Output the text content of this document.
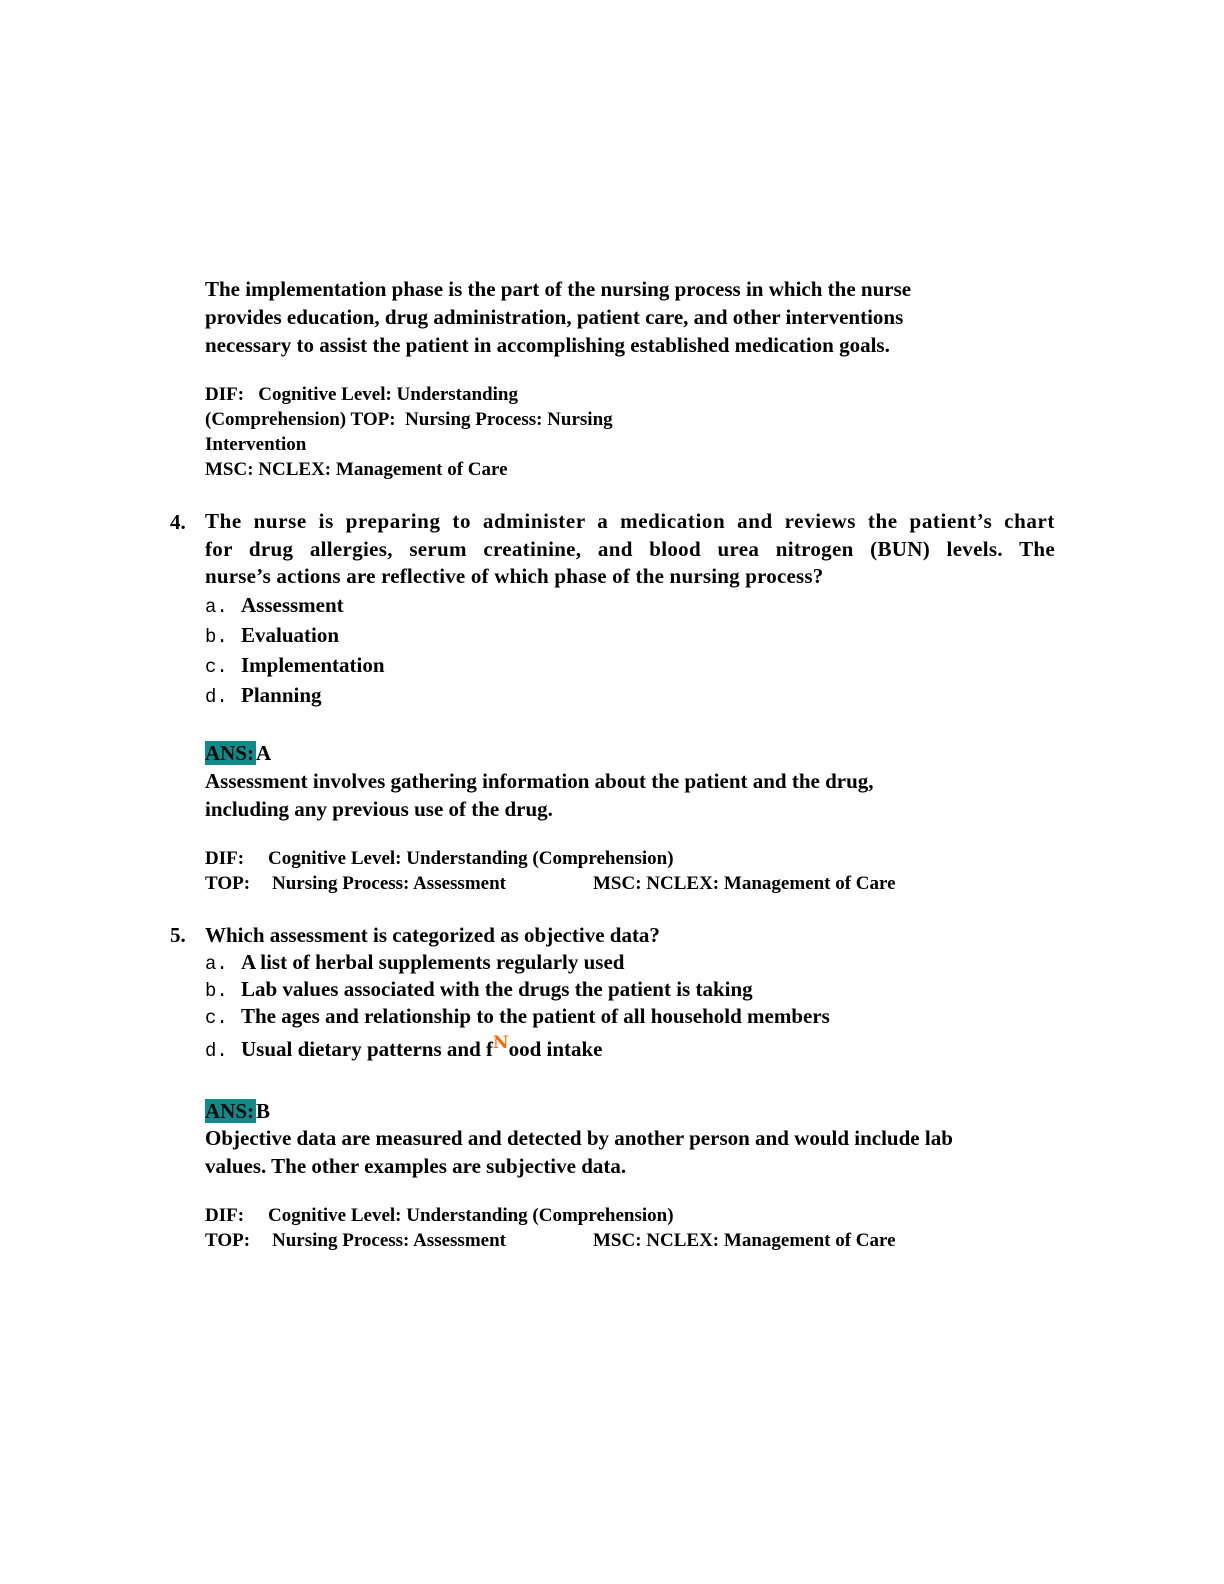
The implementation phase is the part of the nursing process in which the nurse
provides education, drug administration, patient care, and other interventions
necessary to assist the patient in accomplishing established medication goals.
DIF:   Cognitive Level: Understanding
(Comprehension) TOP:  Nursing Process: Nursing
Intervention
MSC: NCLEX: Management of Care
4. The nurse is preparing to administer a medication and reviews the patient’s chart
for drug allergies, serum creatinine, and blood urea nitrogen (BUN) levels. The
nurse’s actions are reflective of which phase of the nursing process?
a. Assessment
b. Evaluation
c. Implementation
d. Planning
ANS:A
Assessment involves gathering information about the patient and the drug,
including any previous use of the drug.
DIF: Cognitive Level: Understanding (Comprehension)
TOP: Nursing Process: Assessment	MSC: NCLEX: Management of Care
5. Which assessment is categorized as objective data?
a. A list of herbal supplements regularly used
b. Lab values associated with the drugs the patient is taking
c. The ages and relationship to the patient of all household members
d. Usual dietary patterns and $f^Nood$ intake
ANS:B
Objective data are measured and detected by another person and would include lab
values. The other examples are subjective data.
DIF: Cognitive Level: Understanding (Comprehension)
TOP: Nursing Process: Assessment	MSC: NCLEX: Management of Care
